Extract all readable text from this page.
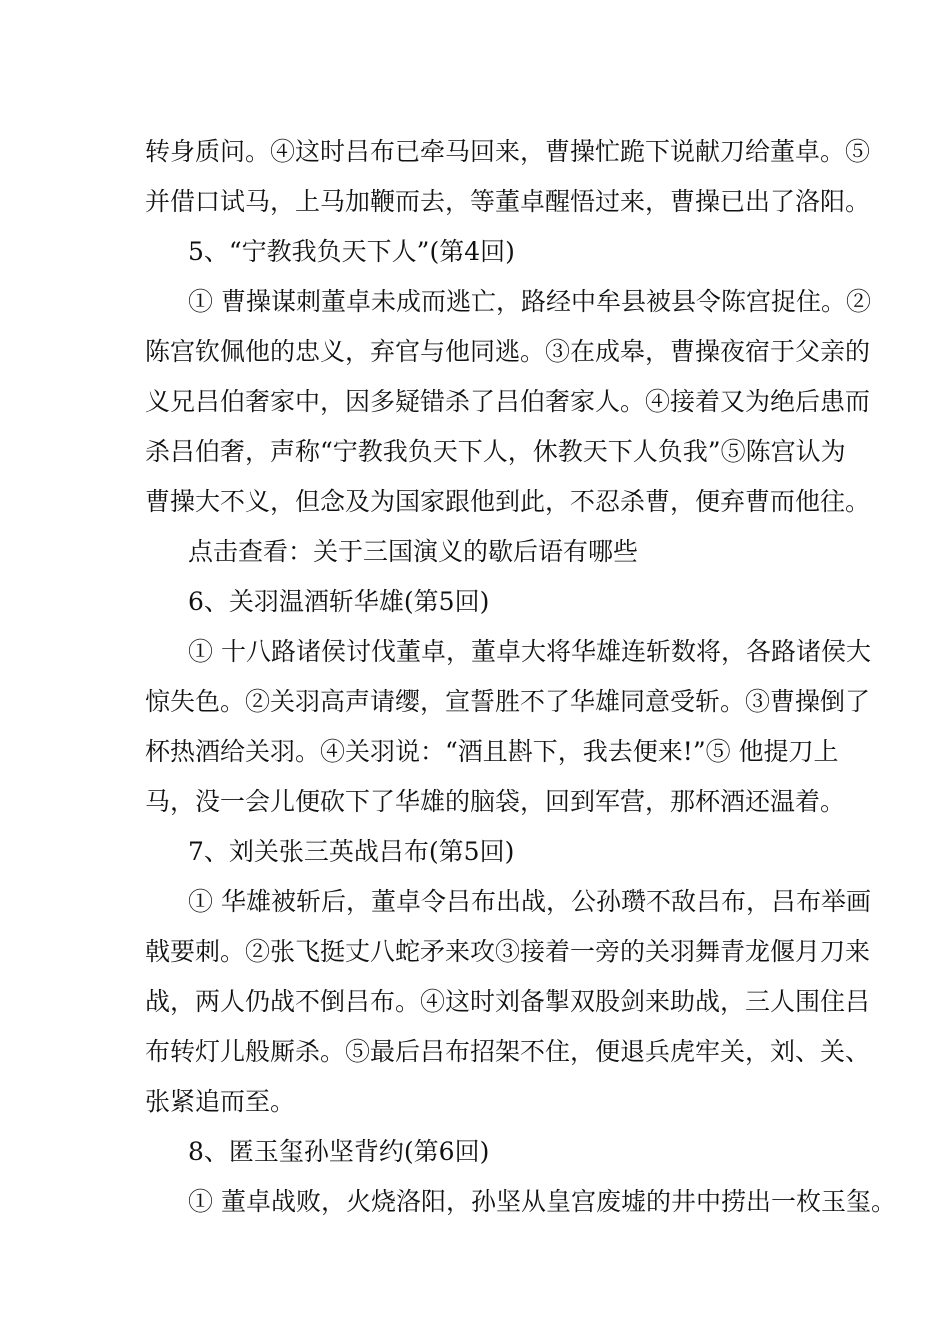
转身质问。④这时吕布已牵马回来，曹操忙跪下说献刀给董卓。⑤
并借口试马，上马加鞭而去，等董卓醒悟过来，曹操已出了洛阳。
5、“宁教我负天下人”(第4回)
① 曹操谋刺董卓未成而逃亡，路经中牟县被县令陈宫捉住。②
陈宫钦佩他的忠义，弃官与他同逃。③在成皋，曹操夜宿于父亲的
义兄吕伯奢家中，因多疑错杀了吕伯奢家人。④接着又为绝后患而
杀吕伯奢，声称“宁教我负天下人，休教天下人负我”⑤陈宫认为
曹操大不义，但念及为国家跟他到此，不忍杀曹，便弃曹而他往。
点击查看：关于三国演义的歇后语有哪些
6、关羽温酒斩华雄(第5回)
① 十八路诸侯讨伐董卓，董卓大将华雄连斩数将，各路诸侯大
惊失色。②关羽高声请缨，宣誓胜不了华雄同意受斩。③曹操倒了
杯热酒给关羽。④关羽说：“酒且斟下，我去便来!”⑤ 他提刀上
马，没一会儿便砍下了华雄的脑袋，回到军营，那杯酒还温着。
7、刘关张三英战吕布(第5回)
① 华雄被斩后，董卓令吕布出战，公孙瓒不敌吕布，吕布举画
戟要刺。②张飞挺丈八蛇矛来攻③接着一旁的关羽舞青龙偃月刀来
战，两人仍战不倒吕布。④这时刘备掣双股剑来助战，三人围住吕
布转灯儿般厮杀。⑤最后吕布招架不住，便退兵虎牢关，刘、关、
张紧追而至。
8、匿玉玺孙坚背约(第6回)
① 董卓战败，火烧洛阳，孙坚从皇宫废墟的井中捞出一枚玉玺。
